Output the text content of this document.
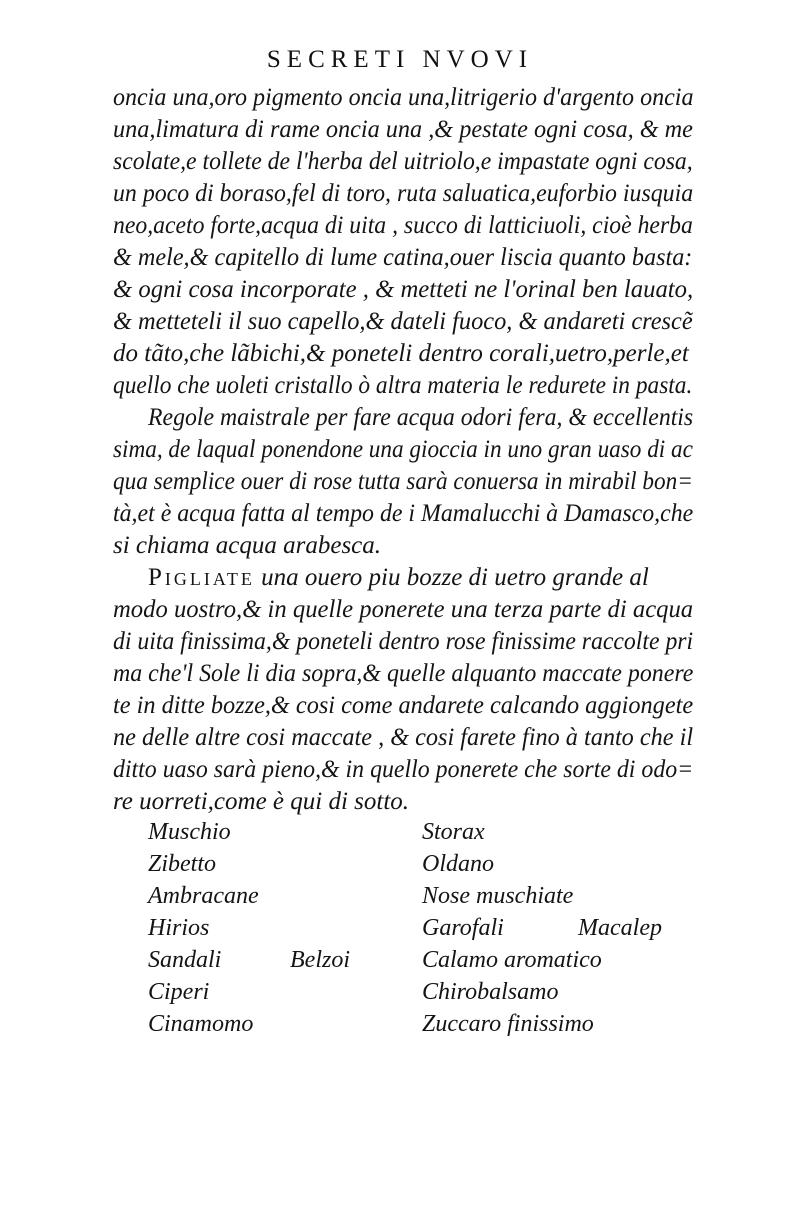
SECRETI NVOVI
oncia una,oro pigmento oncia una,litrigerio d'argento oncia
una,limatura di rame oncia una ,& pestate ogni cosa, & me
scolate,e tollete de l'herba del uitriolo,e impastate ogni cosa,
un poco di boraso,fel di toro, ruta saluatica,euforbio iusquia
neo,aceto forte,acqua di uita , succo di latticiuoli, cioè herba
& mele,& capitello di lume catina,ouer liscia quanto basta:
& ogni cosa incorporate , & metteti ne l'orinal ben lauato,
& metteteli il suo capello,& dateli fuoco, & andareti crescẽ
do tãto,che lãbichi,& poneteli dentro corali,uetro,perle,et
quello che uoleti cristallo ò altra materia le redurete in pasta.
Regole maistrale per fare acqua odori fera, & eccellentis
sima, de laqual ponendone una gioccia in uno gran uaso di ac
qua semplice ouer di rose tutta sarà conuersa in mirabil bon=
tà,et è acqua fatta al tempo de i Mamalucchi à Damasco,che
si chiama acqua arabesca.
Pigliate una ouero piu bozze di uetro grande al
modo uostro,& in quelle ponerete una terza parte di acqua
di uita finissima,& poneteli dentro rose finissime raccolte pri
ma che'l Sole li dia sopra,& quelle alquanto maccate ponere
te in ditte bozze,& cosi come andarete calcando aggiongete
ne delle altre cosi maccate , & cosi farete fino à tanto che il
ditto uaso sarà pieno,& in quello ponerete che sorte di odo=
re uorreti,come è qui di sotto.
Muschio
Zibetto
Ambracane
Hirios
Sandali
Ciperi
Cinamomo
Belzoi
Storax
Oldano
Nose muschiate
Garofali
Calamo aromatico
Chirobalsamo
Zuccaro finissimo
Macalep
